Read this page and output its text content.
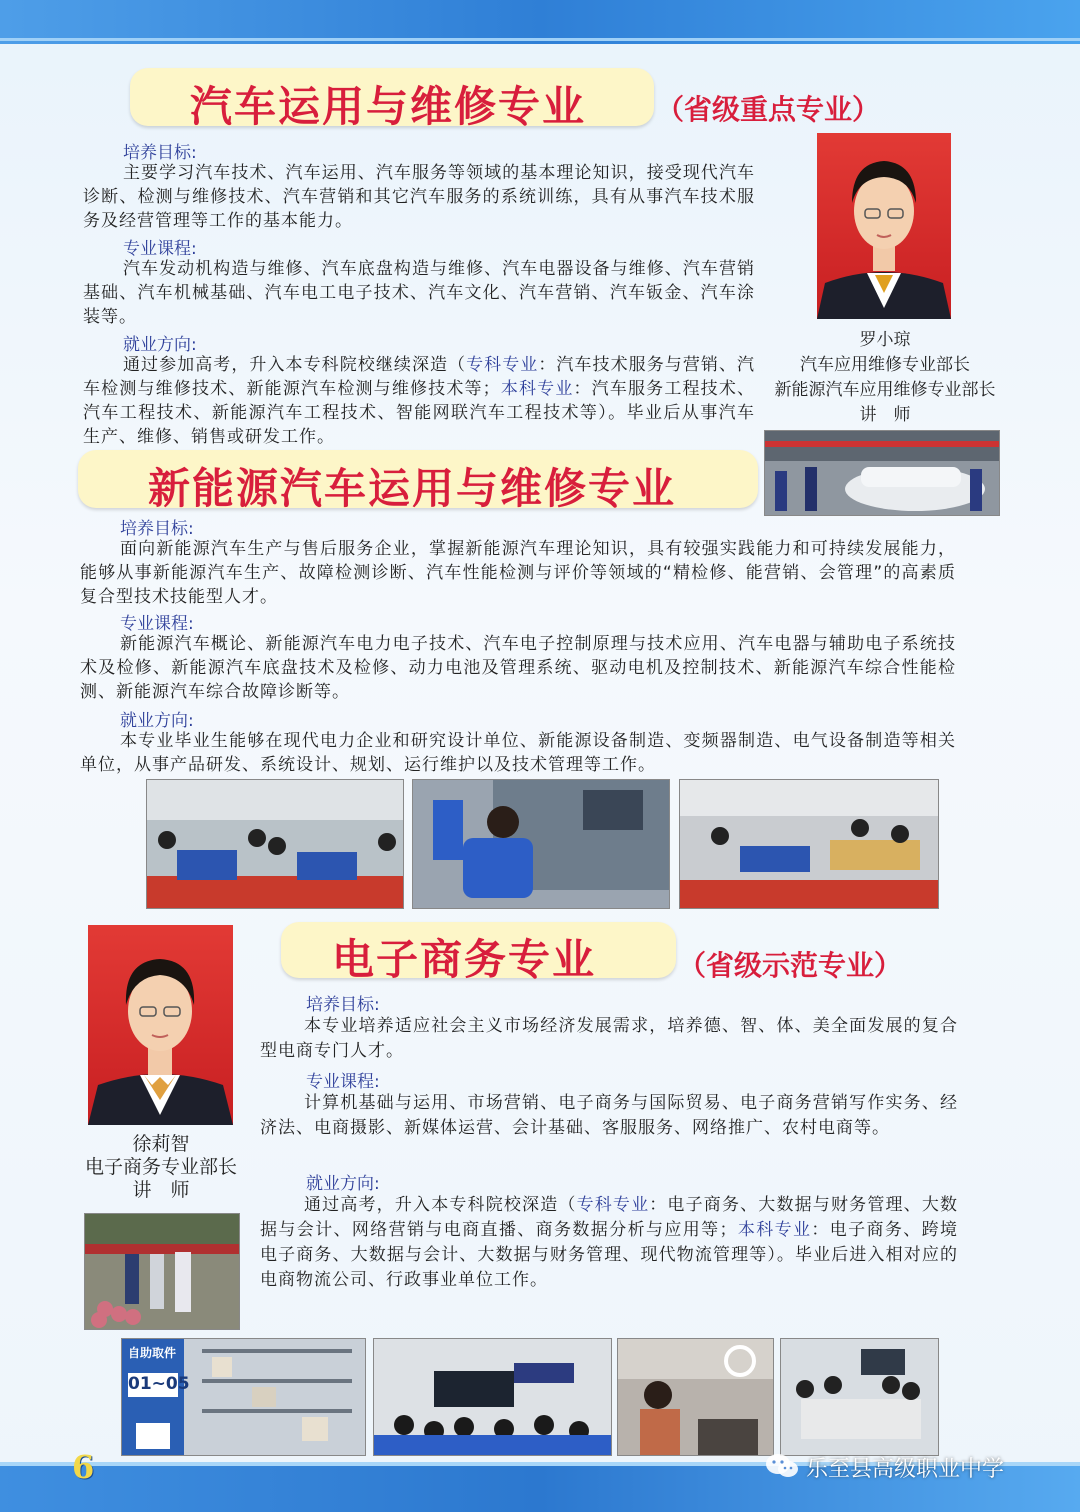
汽车运用与维修专业 （省级重点专业）
培养目标:
主要学习汽车技术、汽车运用、汽车服务等领域的基本理论知识，接受现代汽车诊断、检测与维修技术、汽车营销和其它汽车服务的系统训练，具有从事汽车技术服务及经营管理等工作的基本能力。
专业课程:
汽车发动机构造与维修、汽车底盘构造与维修、汽车电器设备与维修、汽车营销基础、汽车机械基础、汽车电工电子技术、汽车文化、汽车营销、汽车钣金、汽车涂装等。
就业方向:
通过参加高考，升入本专科院校继续深造（专科专业：汽车技术服务与营销、汽车检测与维修技术、新能源汽车检测与维修技术等；本科专业：汽车服务工程技术、汽车工程技术、新能源汽车工程技术、智能网联汽车工程技术等）。毕业后从事汽车生产、维修、销售或研发工作。
罗小琼
汽车应用维修专业部长
新能源汽车应用维修专业部长
讲　师
新能源汽车运用与维修专业
培养目标:
面向新能源汽车生产与售后服务企业，掌握新能源汽车理论知识，具有较强实践能力和可持续发展能力，能够从事新能源汽车生产、故障检测诊断、汽车性能检测与评价等领域的“精检修、能营销、会管理”的高素质复合型技术技能型人才。
专业课程:
新能源汽车概论、新能源汽车电力电子技术、汽车电子控制原理与技术应用、汽车电器与辅助电子系统技术及检修、新能源汽车底盘技术及检修、动力电池及管理系统、驱动电机及控制技术、新能源汽车综合性能检测、新能源汽车综合故障诊断等。
就业方向:
本专业毕业生能够在现代电力企业和研究设计单位、新能源设备制造、变频器制造、电气设备制造等相关单位，从事产品研发、系统设计、规划、运行维护以及技术管理等工作。
电子商务专业	（省级示范专业）
徐莉智
电子商务专业部长
讲　师
培养目标:
本专业培养适应社会主义市场经济发展需求，培养德、智、体、美全面发展的复合型电商专门人才。
专业课程:
计算机基础与运用、市场营销、电子商务与国际贸易、电子商务营销写作实务、经济法、电商摄影、新媒体运营、会计基础、客服服务、网络推广、农村电商等。
就业方向:
通过高考，升入本专科院校深造（专科专业：电子商务、大数据与财务管理、大数据与会计、网络营销与电商直播、商务数据分析与应用等；本科专业：电子商务、跨境电子商务、大数据与会计、大数据与财务管理、现代物流管理等）。毕业后进入相对应的电商物流公司、行政事业单位工作。
自助取件
01~05
6	乐至县高级职业中学
